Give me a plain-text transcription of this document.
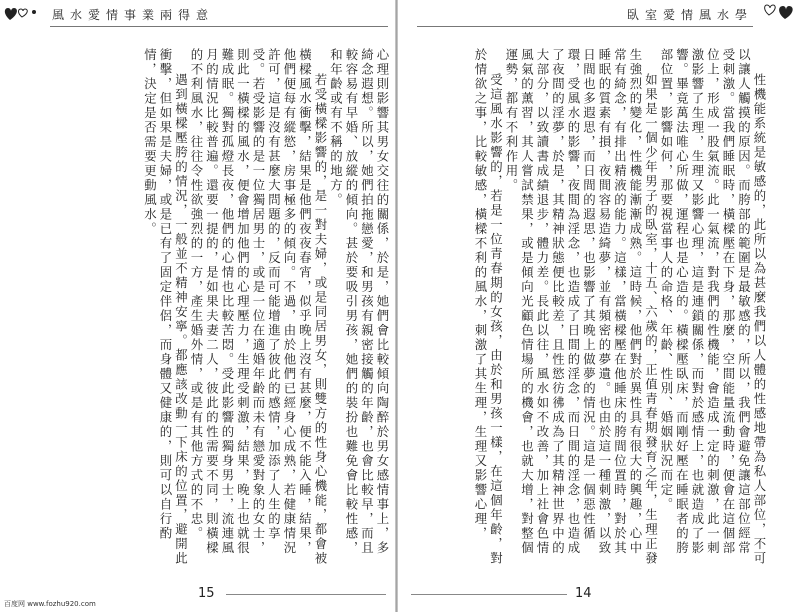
風水愛情事業兩得意

心理則影響其男女交往的關係，於是，她們會比較傾向陶醉於男女感情事上，多綺念遐想。所以，她們拍拖戀愛，和男孩有親密接觸的年齡，也會比較早，而且較容易有早婚、放縱的傾向。甚於要吸引男孩，她們的裝扮也難免會比較性感，和年齡或有不稱的地方。

若受橫樑影響的，是一對夫婦，或是同居男女，則雙方的性身心機能，都會被橫樑風水衝擊，結果是他們夜夜春宵，似乎晚上沒有甚麼，便不能入睡，結果，他們便每有縱慾，房事極多的傾向。不過，由於他們已經身心成熟，若健康情況許可，這是沒有甚麼大問題的，反而可能增進了彼此的感情，加添了人生的享受。若受影響的是一位獨居男士，或是一位在適婚年齡而未有戀愛對象的女士，則此一橫樑的風水，便會增加他們的心理壓力，生理受刺激，結果，晚上也就很難成眠。獨對孤燈長夜，他們的心情也比較苦悶。受此影響的獨身男士，流連風月的情況比較普遍。還要一提的，是如果夫妻二人，彼此的性需要不同，則橫樑的不利風水，往往令性欲強烈的一方，產生婚外情，或是有其他方式的不忠。

遇到橫樑壓胯的情況，一般並不精神安寧。都應該改動一下床的位置，避開此衝擊，但如果是夫婦，或是已有了固定伴侶，而身體又健康的，則可以自行酌情，決定是否需要更動風水。

15
百度网 www.fozhu920.com
臥室愛情風水學

性機能系統是敏感的，此所以為甚麼我們以人體的性感地帶為私人部位，不可以讓人觸摸的原因。而胯部的範圍是最敏感的，所以，我們會避免讓這部位經常受刺激。當我們睡眠時，橫樑壓在下身，那麼，空間能量流動時，便會在這個部位上，形成一股氣流。此一氣流，對我們的性機能，會造成一定的刺激，此一刺激影響了生理，生理又影響心理，這是連鎖關係，而對於感情上，也就造成了影響。畢竟萬法唯心所做，運程也是心造的。橫樑壓臥床，而剛好壓在睡眠者的胯部位置，影響如何，那要視當事人的命格、年齡、性別、婚姻狀況而定。

如果是一個少年男子的臥室，十五、六歲的，正值青春期發育之年，生理正發生強烈的變化，性機能漸漸成熟。這時候，他們對於異性具有很大的興趣，心中常有綺念，有排出精液的能力。這樣，當橫樑壓在他睡床的胯間位置時，對於其睡眠的質素有損，夜間容易造綺夢，並有頻密的夢遺。也由於這一種刺激，以致日間也多遐思，而日間的遐思，也影響了其晚上做夢的情況。這是一個惡性循環，受風水的影響，夜間為淫念，也造成了日間的淫念，而日間的淫念，也造成了夜間的淫夢，於是，其精神狀態便比較差，且性慾彷彿成為了其精神世界中的大部分，以致讀書成績退步，體力差。長此以往，風水如不改善，加上社會色情風氣的薰習，其人嘗試禁果，或是傾向光顧色情場所的機會，也就大增，對整個運勢，都有不利作用。

受這風水影響的，若是一位青春期的女孩，由於和男孩一樣，在這個年齡，對於情欲之事，比較敏感，橫樑不利的風水，刺激了其生理，生理又影響心理，

14
